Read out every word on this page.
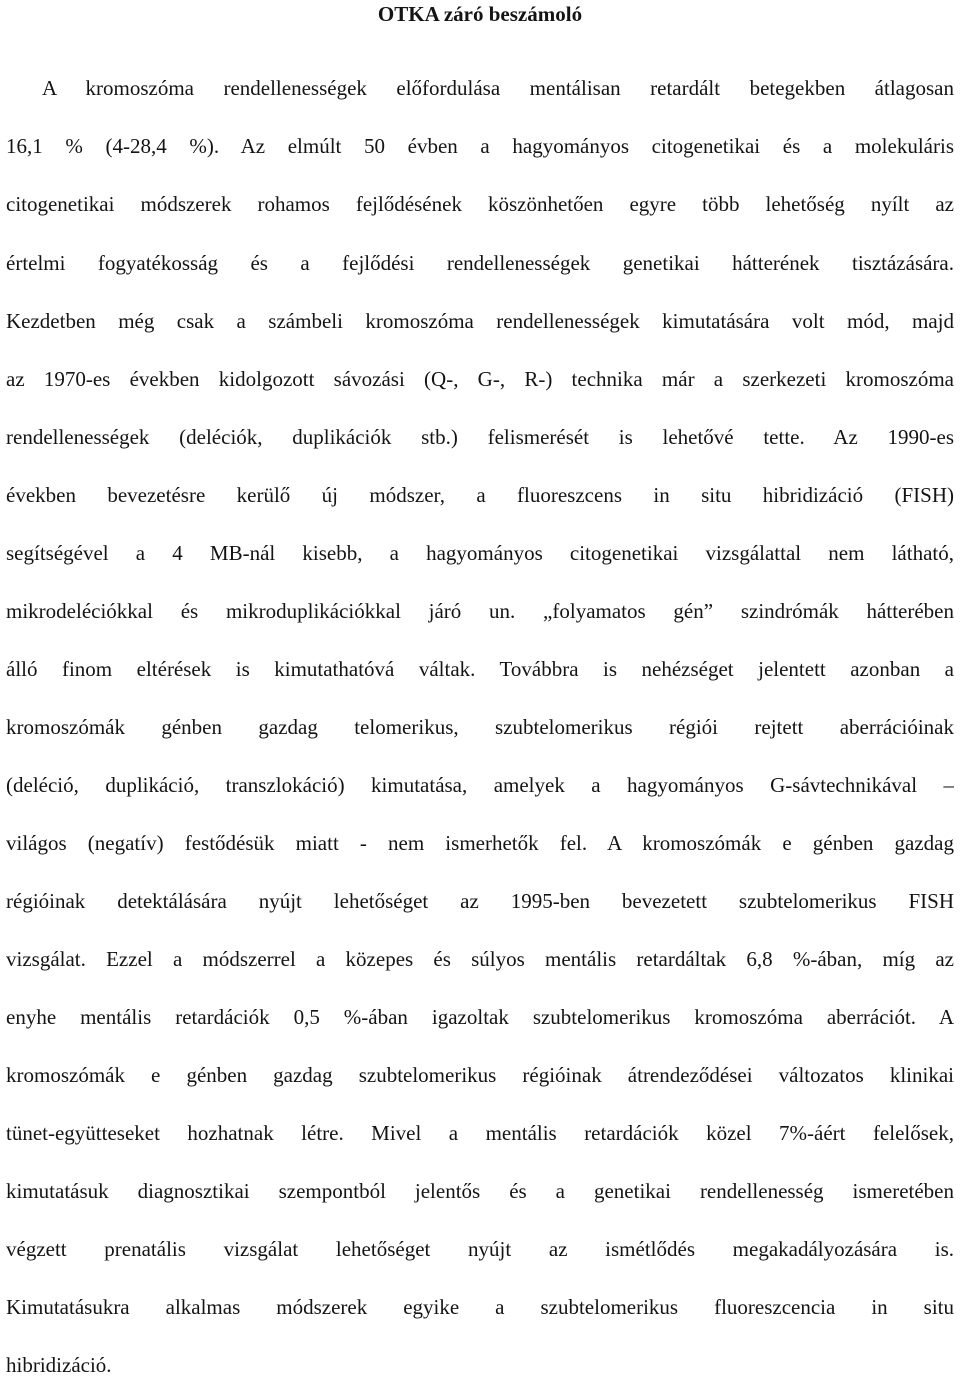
OTKA záró beszámoló
A kromoszóma rendellenességek előfordulása mentálisan retardált betegekben átlagosan
16,1 % (4-28,4 %). Az elmúlt 50 évben a hagyományos citogenetikai és a molekuláris
citogenetikai módszerek rohamos fejlődésének köszönhetően egyre több lehetőség nyílt az
értelmi fogyatékosság és a fejlődési rendellenességek genetikai hátterének tisztázására.
Kezdetben még csak a számbeli kromoszóma rendellenességek kimutatására volt mód, majd
az 1970-es években kidolgozott sávozási (Q-, G-, R-) technika már a szerkezeti kromoszóma
rendellenességek (deléciók, duplikációk stb.) felismerését is lehetővé tette. Az 1990-es
években bevezetésre kerülő új módszer, a fluoreszcens in situ hibridizáció (FISH)
segítségével a 4 MB-nál kisebb, a hagyományos citogenetikai vizsgálattal nem látható,
mikrodeléciókkal és mikroduplikációkkal járó un. „folyamatos gén” szindrómák hátterében
álló finom eltérések is kimutathatóvá váltak. Továbbra is nehézséget jelentett azonban a
kromoszómák génben gazdag telomerikus, szubtelomerikus régiói rejtett aberrációinak
(deléció, duplikáció, transzlokáció) kimutatása, amelyek a hagyományos G-sávtechnikával –
világos (negatív) festődésük miatt - nem ismerhetők fel. A kromoszómák e génben gazdag
régióinak detektálására nyújt lehetőséget az 1995-ben bevezetett szubtelomerikus FISH
vizsgálat. Ezzel a módszerrel a közepes és súlyos mentális retardáltak 6,8 %-ában, míg az
enyhe mentális retardációk 0,5 %-ában igazoltak szubtelomerikus kromoszóma aberrációt. A
kromoszómák e génben gazdag szubtelomerikus régióinak átrendeződései változatos klinikai
tünet-együtteseket hozhatnak létre. Mivel a mentális retardációk közel 7%-áért felelősek,
kimutatásuk diagnosztikai szempontból jelentős és a genetikai rendellenesség ismeretében
végzett prenatális vizsgálat lehetőséget nyújt az ismétlődés megakadályozására is.
Kimutatásukra alkalmas módszerek egyike a szubtelomerikus fluoreszcencia in situ
hibridizáció.
